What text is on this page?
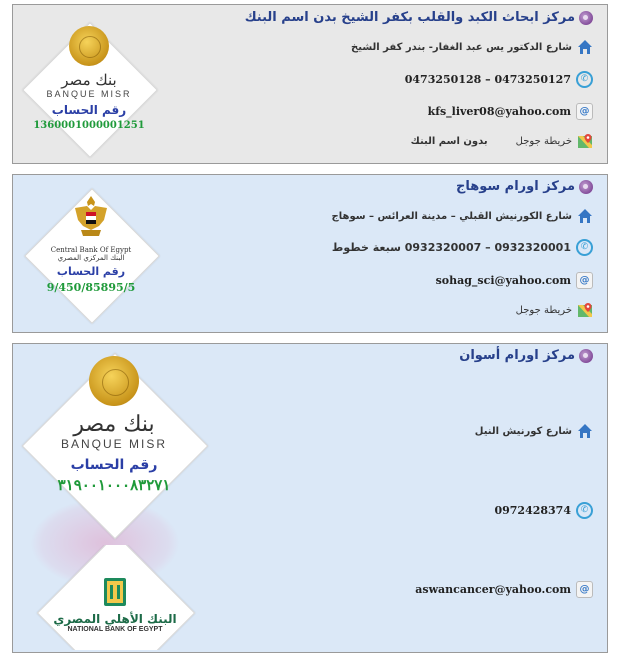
مركز ابحاث الكبد والقلب بكفر الشيخ بدن اسم البنك
شارع الدكتور يس عبد الغفار- بندر كفر الشيخ
✆
0473250128 – 0473250127
@
kfs_liver08@yahoo.com
خريطة جوجل
بدون اسم البنك
بنك مصر
BANQUE MISR
رقم الحساب
1360001000001251
مركز اورام سوهاج
شارع الكورنيش القبلي – مدينة العرائس – سوهاج
✆
0932320001 – 0932320007 سبعة خطوط
@
sohag_sci@yahoo.com
خريطة جوجل
Central Bank Of Egypt
البنك المركزي المصري
رقم الحساب
9/450/85895/5
مركز اورام أسوان
شارع كورنيش النيل
✆
0972428374
@
aswancancer@yahoo.com
بنك مصر
BANQUE MISR
رقم الحساب
٣١٩٠٠١٠٠٠٨٣٢٧١
البنك الأهلي المصري
NATIONAL BANK OF EGYPT
